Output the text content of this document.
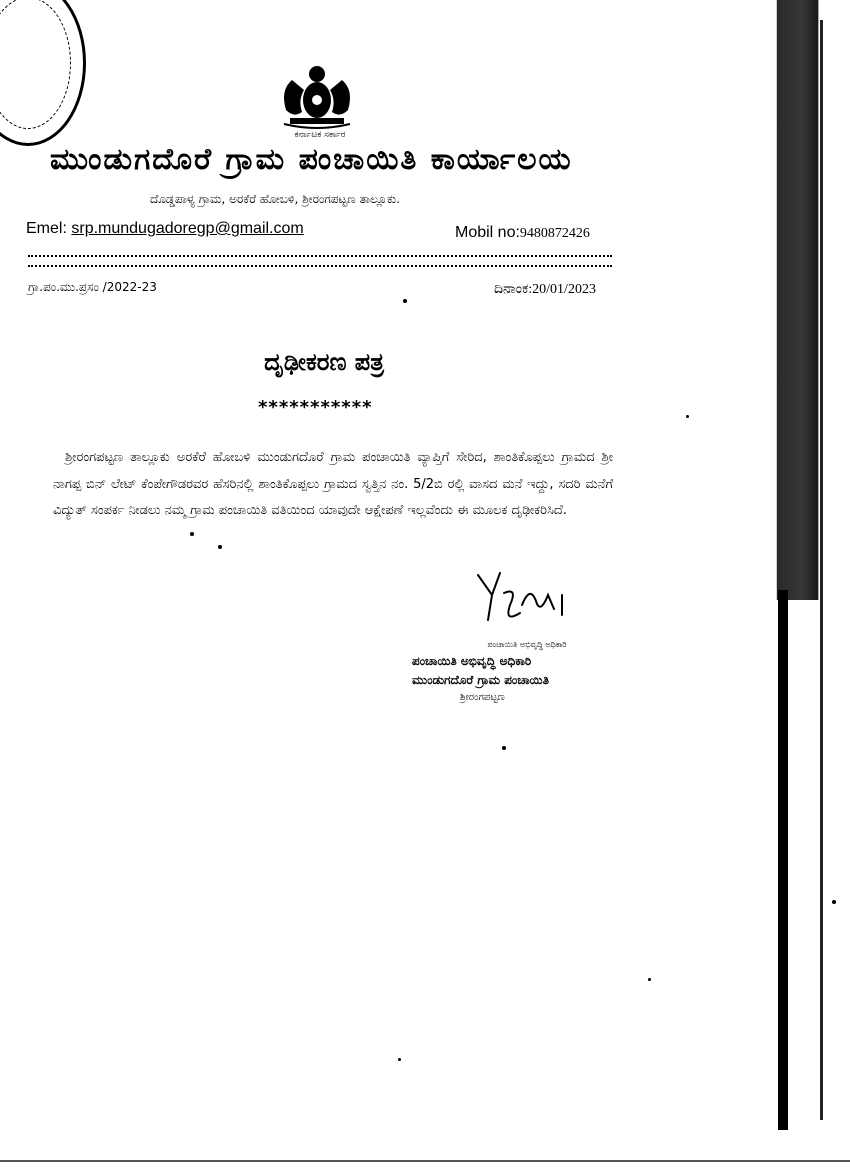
ಕರ್ನಾಟಕ ಸರ್ಕಾರ
ಮುಂಡುಗದೊರೆ ಗ್ರಾಮ ಪಂಚಾಯಿತಿ ಕಾರ್ಯಾಲಯ
ದೊಡ್ಡಪಾಳ್ಯ ಗ್ರಾಮ, ಅರಕೆರೆ ಹೋಬಳಿ, ಶ್ರೀರಂಗಪಟ್ಟಣ ತಾಲ್ಲೂಕು.
Emel: srp.mundugadoregp@gmail.com	Mobil no:9480872426
ಗ್ರಾ.ಪಂ.ಮು.ಪ್ರಸಂ /2022-23	ದಿನಾಂಕ:20/01/2023
ದೃಢೀಕರಣ ಪತ್ರ
***********

ಶ್ರೀರಂಗಪಟ್ಟಣ ತಾಲ್ಲೂಕು ಅರಕೆರೆ ಹೋಬಳಿ ಮುಂಡುಗದೊರೆ ಗ್ರಾಮ ಪಂಚಾಯಿತಿ ವ್ಯಾಪ್ತಿಗೆ ಸೇರಿದ, ಶಾಂತಿಕೊಪ್ಪಲು ಗ್ರಾಮದ ಶ್ರೀ ನಾಗಪ್ಪ ಬಿನ್ ಲೇಟ್ ಕೆಂಪೇಗೌಡರವರ ಹೆಸರಿನಲ್ಲಿ ಶಾಂತಿಕೊಪ್ಪಲು ಗ್ರಾಮದ ಸ್ವತ್ತಿನ ನಂ. 5/2ಬಿ ರಲ್ಲಿ ವಾಸದ ಮನೆ ಇದ್ದು, ಸದರಿ ಮನೆಗೆ ವಿದ್ಯುತ್ ಸಂಪರ್ಕ ನೀಡಲು ನಮ್ಮ ಗ್ರಾಮ ಪಂಚಾಯಿತಿ ವತಿಯಿಂದ ಯಾವುದೇ ಆಕ್ಷೇಪಣೆ ಇಲ್ಲವೆಂದು ಈ ಮೂಲಕ ದೃಢೀಕರಿಸಿದೆ.

ಪಂಚಾಯಿತಿ ಅಭಿವೃದ್ಧಿ ಅಧಿಕಾರಿ
ಪಂಚಾಯಿತಿ ಅಭಿವೃದ್ಧಿ ಅಧಿಕಾರಿ
ಮುಂಡುಗದೊರೆ ಗ್ರಾಮ ಪಂಚಾಯಿತಿ
ಶ್ರೀರಂಗಪಟ್ಟಣ
